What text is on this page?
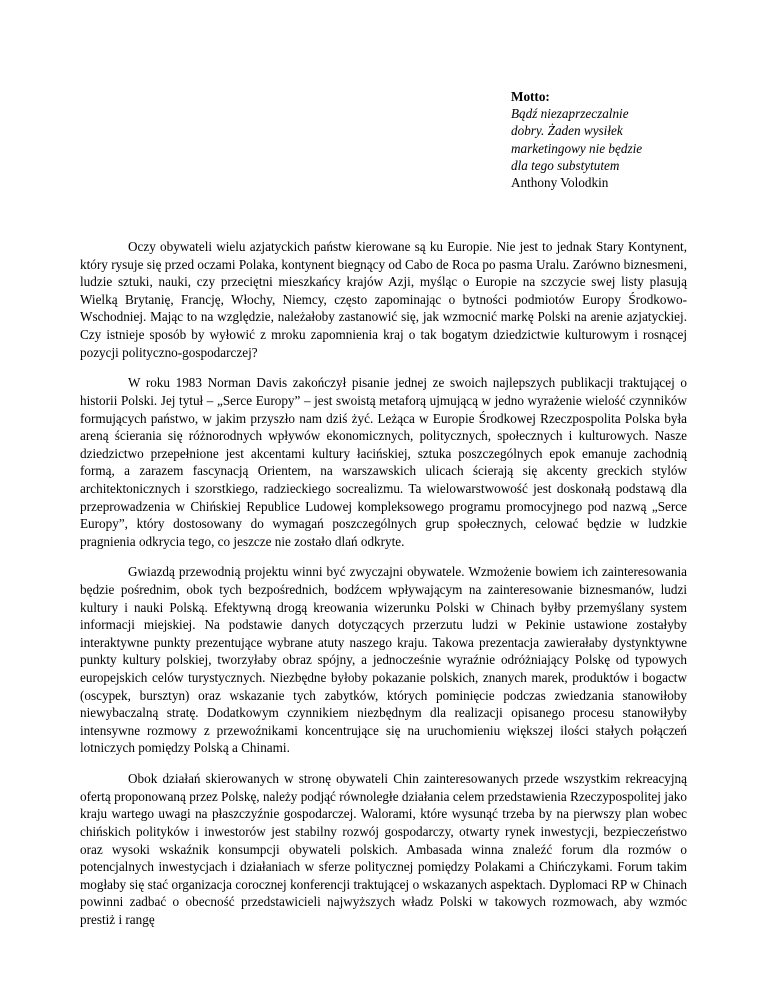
Motto:
Bądź niezaprzeczalnie
dobry. Żaden wysiłek
marketingowy nie będzie
dla tego substytutem
Anthony Volodkin

Oczy obywateli wielu azjatyckich państw kierowane są ku Europie. Nie jest to jednak Stary Kontynent, który rysuje się przed oczami Polaka, kontynent biegnący od Cabo de Roca po pasma Uralu. Zarówno biznesmeni, ludzie sztuki, nauki, czy przeciętni mieszkańcy krajów Azji, myśląc o Europie na szczycie swej listy plasują Wielką Brytanię, Francję, Włochy, Niemcy, często zapominając o bytności podmiotów Europy Środkowo-Wschodniej. Mając to na względzie, należałoby zastanowić się, jak wzmocnić markę Polski na arenie azjatyckiej. Czy istnieje sposób by wyłowić z mroku zapomnienia kraj o tak bogatym dziedzictwie kulturowym i rosnącej pozycji polityczno-gospodarczej?

W roku 1983 Norman Davis zakończył pisanie jednej ze swoich najlepszych publikacji traktującej o historii Polski. Jej tytuł – „Serce Europy” – jest swoistą metaforą ujmującą w jedno wyrażenie wielość czynników formujących państwo, w jakim przyszło nam dziś żyć. Leżąca w Europie Środkowej Rzeczpospolita Polska była areną ścierania się różnorodnych wpływów ekonomicznych, politycznych, społecznych i kulturowych. Nasze dziedzictwo przepełnione jest akcentami kultury łacińskiej, sztuka poszczególnych epok emanuje zachodnią formą, a zarazem fascynacją Orientem, na warszawskich ulicach ścierają się akcenty greckich stylów architektonicznych i szorstkiego, radzieckiego socrealizmu. Ta wielowarstwowość jest doskonałą podstawą dla przeprowadzenia w Chińskiej Republice Ludowej kompleksowego programu promocyjnego pod nazwą „Serce Europy”, który dostosowany do wymagań poszczególnych grup społecznych, celować będzie w ludzkie pragnienia odkrycia tego, co jeszcze nie zostało dlań odkryte.

Gwiazdą przewodnią projektu winni być zwyczajni obywatele. Wzmożenie bowiem ich zainteresowania będzie pośrednim, obok tych bezpośrednich, bodźcem wpływającym na zainteresowanie biznesmanów, ludzi kultury i nauki Polską. Efektywną drogą kreowania wizerunku Polski w Chinach byłby przemyślany system informacji miejskiej. Na podstawie danych dotyczących przerzutu ludzi w Pekinie ustawione zostałyby interaktywne punkty prezentujące wybrane atuty naszego kraju. Takowa prezentacja zawierałaby dystynktywne punkty kultury polskiej, tworzyłaby obraz spójny, a jednocześnie wyraźnie odróżniający Polskę od typowych europejskich celów turystycznych. Niezbędne byłoby pokazanie polskich, znanych marek, produktów i bogactw (oscypek, bursztyn) oraz wskazanie tych zabytków, których pominięcie podczas zwiedzania stanowiłoby niewybaczalną stratę. Dodatkowym czynnikiem niezbędnym dla realizacji opisanego procesu stanowiłyby intensywne rozmowy z przewoźnikami koncentrujące się na uruchomieniu większej ilości stałych połączeń lotniczych pomiędzy Polską a Chinami.

Obok działań skierowanych w stronę obywateli Chin zainteresowanych przede wszystkim rekreacyjną ofertą proponowaną przez Polskę, należy podjąć równoległe działania celem przedstawienia Rzeczypospolitej jako kraju wartego uwagi na płaszczyźnie gospodarczej. Walorami, które wysunąć trzeba by na pierwszy plan wobec chińskich polityków i inwestorów jest stabilny rozwój gospodarczy, otwarty rynek inwestycji, bezpieczeństwo oraz wysoki wskaźnik konsumpcji obywateli polskich. Ambasada winna znaleźć forum dla rozmów o potencjalnych inwestycjach i działaniach w sferze politycznej pomiędzy Polakami a Chińczykami. Forum takim mogłaby się stać organizacja corocznej konferencji traktującej o wskazanych aspektach. Dyplomaci RP w Chinach powinni zadbać o obecność przedstawicieli najwyższych władz Polski w takowych rozmowach, aby wzmóc prestiż i rangę
